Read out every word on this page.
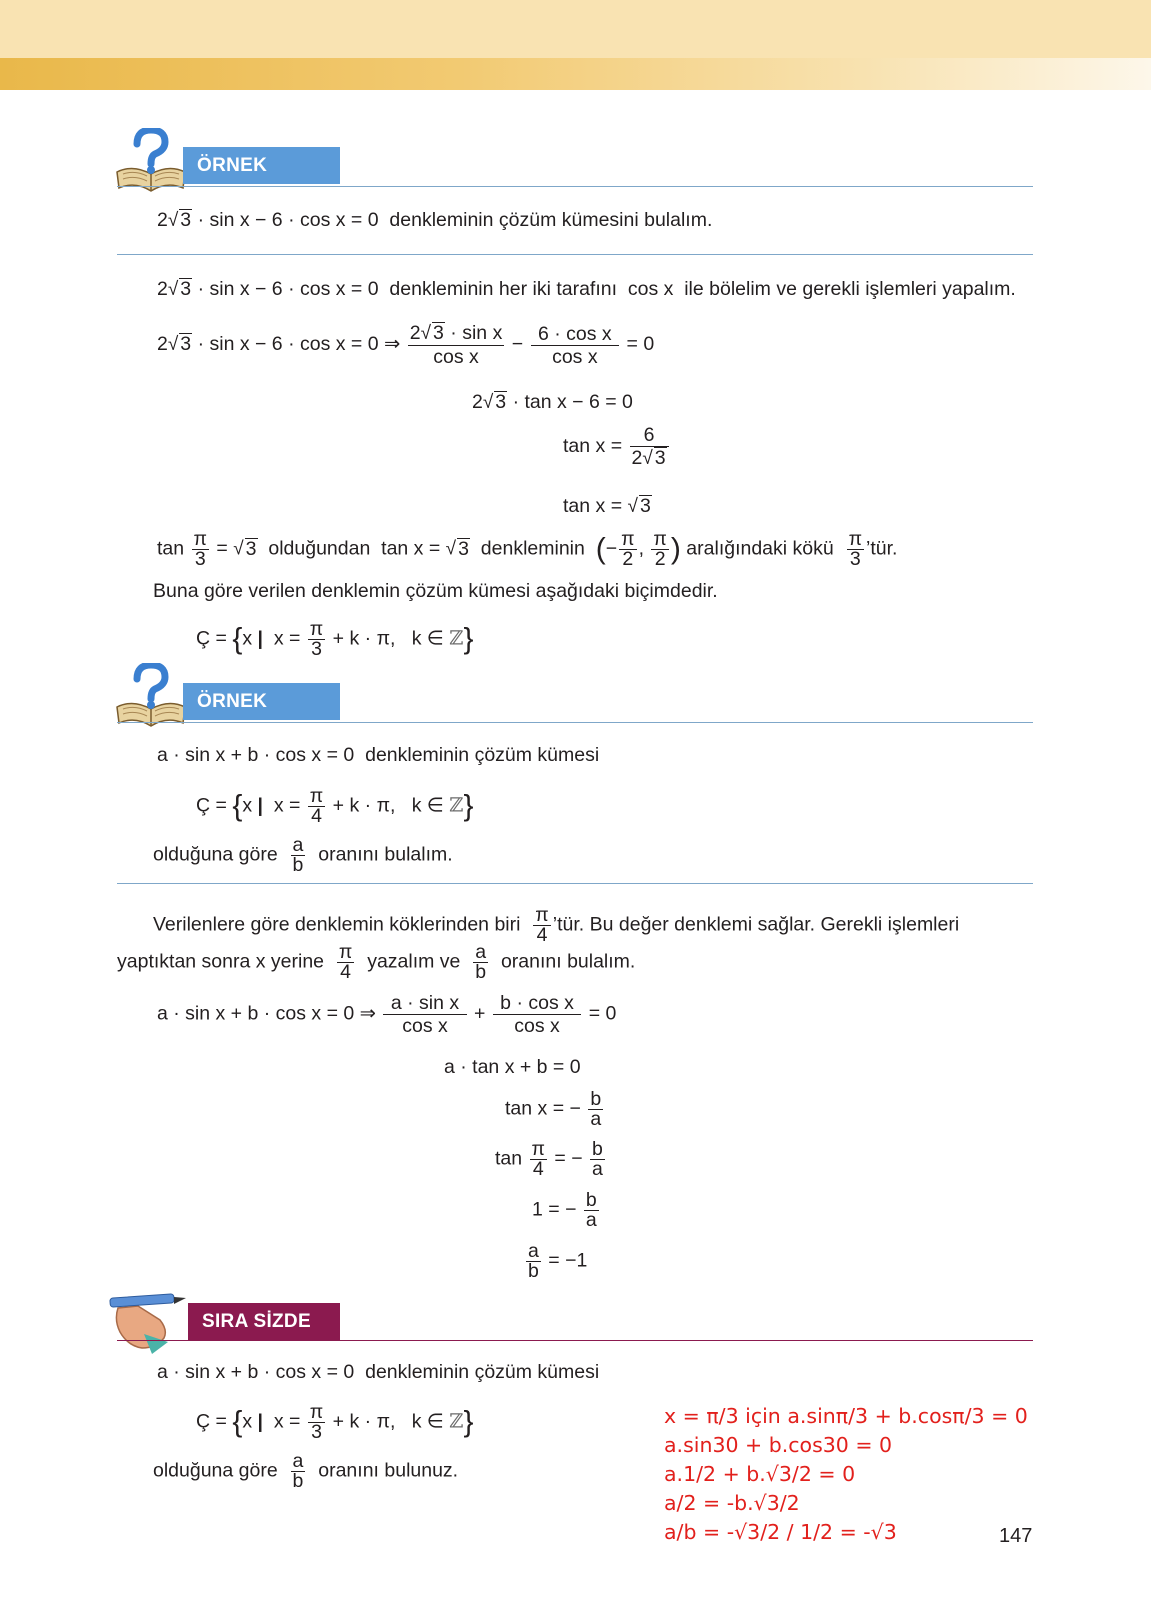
ÖRNEK
2√ 3 · sin x − 6 · cos x = 0  denkleminin çözüm kümesini bulalım.
2√ 3 · sin x − 6 · cos x = 0  denkleminin her iki tarafını  cos x  ile bölelim ve gerekli işlemleri yapalım.
2√ 3 · sin x − 6 · cos x = 0 ⇒ $\frac{\text{2√ 3 · sin x}}{\text{cos x}} - \frac{\text{6 · cos x}}{\text{cos x}} = 0$
2√ 3 · tan x − 6 = 0
$\tan x = \frac{6}{2√ 3}$
tan x = √ 3
$\tan \frac{\pi}{3}$ = √ 3 olduğundan  tan x = √ 3 denkleminin (− $\frac{\pi}{2}$ , $\frac{\pi}{2}$ ) aralığındaki kökü $\frac{\pi}{3}$ ’tür.
Buna göre verilen denklemin çözüm kümesi aşağıdaki biçimdedir.
Ç = {x |  $x = \frac{\pi}{3} + k \cdot \pi$,   k ∈ ℤ}
ÖRNEK
a · sin x + b · cos x = 0  denkleminin çözüm kümesi
Ç = {x |  $x = \frac{\pi}{4} + k \cdot \pi$,   k ∈ ℤ}
olduğuna göre $\frac{a}{b}$ oranını bulalım.
Verilenlere göre denklemin köklerinden biri $\frac{\pi}{4}$ ’tür. Bu değer denklemi sağlar. Gerekli işlemleri
yaptıktan sonra x yerine $\frac{\pi}{4}$ yazalım ve $\frac{a}{b}$ oranını bulalım.
a · sin x + b · cos x = 0 ⇒ $\frac{\text{a · sin x}}{\text{cos x}} + \frac{\text{b · cos x}}{\text{cos x}} = 0$
a · tan x + b = 0
tan x = − $\frac{b}{a}$
$\tan \frac{\pi}{4}$ = − $\frac{b}{a}$
1 = − $\frac{b}{a}$
$\frac{a}{b} = -1$
SIRA SİZDE
a · sin x + b · cos x = 0  denkleminin çözüm kümesi
Ç = {x |  $x = \frac{\pi}{3} + k \cdot \pi$,   k ∈ ℤ}
olduğuna göre $\frac{a}{b}$ oranını bulunuz.
x = π/3 için a.sinπ/3 + b.cosπ/3 = 0
a.sin30 + b.cos30 = 0
a.1/2 + b.√3/2 = 0
a/2 = -b.√3/2
a/b = -√3/2 / 1/2 = -√3	147
